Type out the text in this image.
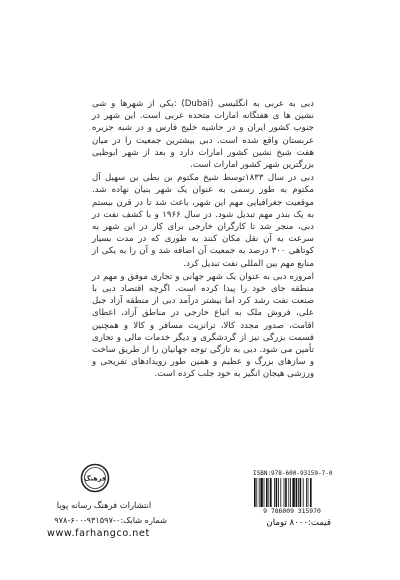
دبی به عربی به انگلیسی (Dubai) :یکی از شهرها و شی نشین ها ی هفتگانه امارات متحده عربی است. این شهر در جنوب کشور ایران و در حاشیه خلیج فارس و در شبه جزیره عربستان واقع شده است. دبی بیشترین جمعیت را در میان هفت شیخ نشین کشور امارات دارد و بعد از شهر ابوظبی بزرگترین شهر کشور امارات است.

دبی در سال ۱۸۳۳توسط شیخ مکتوم بن بطی بن سهیل آل مکتوم به طور رسمی به عنوان یک شهر بنیان نهاده شد. موقعیت جغرافیایی مهم این شهر، باعث شد تا در قرن بیستم به یک بندر مهم تبدیل شود. در سال ۱۹۶۶ و با کشف نفت در دبی، منجر شد تا کارگران خارجی برای کار در این شهر به سرعت به آن نقل مکان کنند به طوری که در مدت بسیار کوتاهی ۳۰۰ درصد به جمعیت آن اضافه شد و آن را به یکی از منابع مهم بین المللی نفت تبدیل کرد.

امروزه دبی به عنوان یک شهر جهانی و تجاری موفق و مهم در منطقه جای خود را پیدا کرده است. اگرچه اقتصاد دبی با صنعت نفت رشد کرد اما بیشتر درآمد دبی از منطقه آزاد جبل علی، فروش ملک به اتباع خارجی در مناطق آزاد، اعطای اقامت، صدور مجدد کالا، ترانزیت مسافر و کالا و همچنین قسمت بزرگی نیز از گردشگری و دیگر خدمات مالی و تجاری تأمین می شود. دبی به تازگی توجه جهانیان را از طریق ساخت و سازهای بزرگ و عظیم و همین طور رویدادهای تفریحی و ورزشی هیجان انگیز به خود جلب کرده است.

فرهنگ
انتشارات فرهنگ رسانه پویا
شماره شابک:۰-۹۳۱۵۹۷-۶۰۰-۹۷۸
www.farhangco.net
ISBN:978-600-93159-7-0
9 786009 315970
قیمت:۸۰۰۰ تومان
